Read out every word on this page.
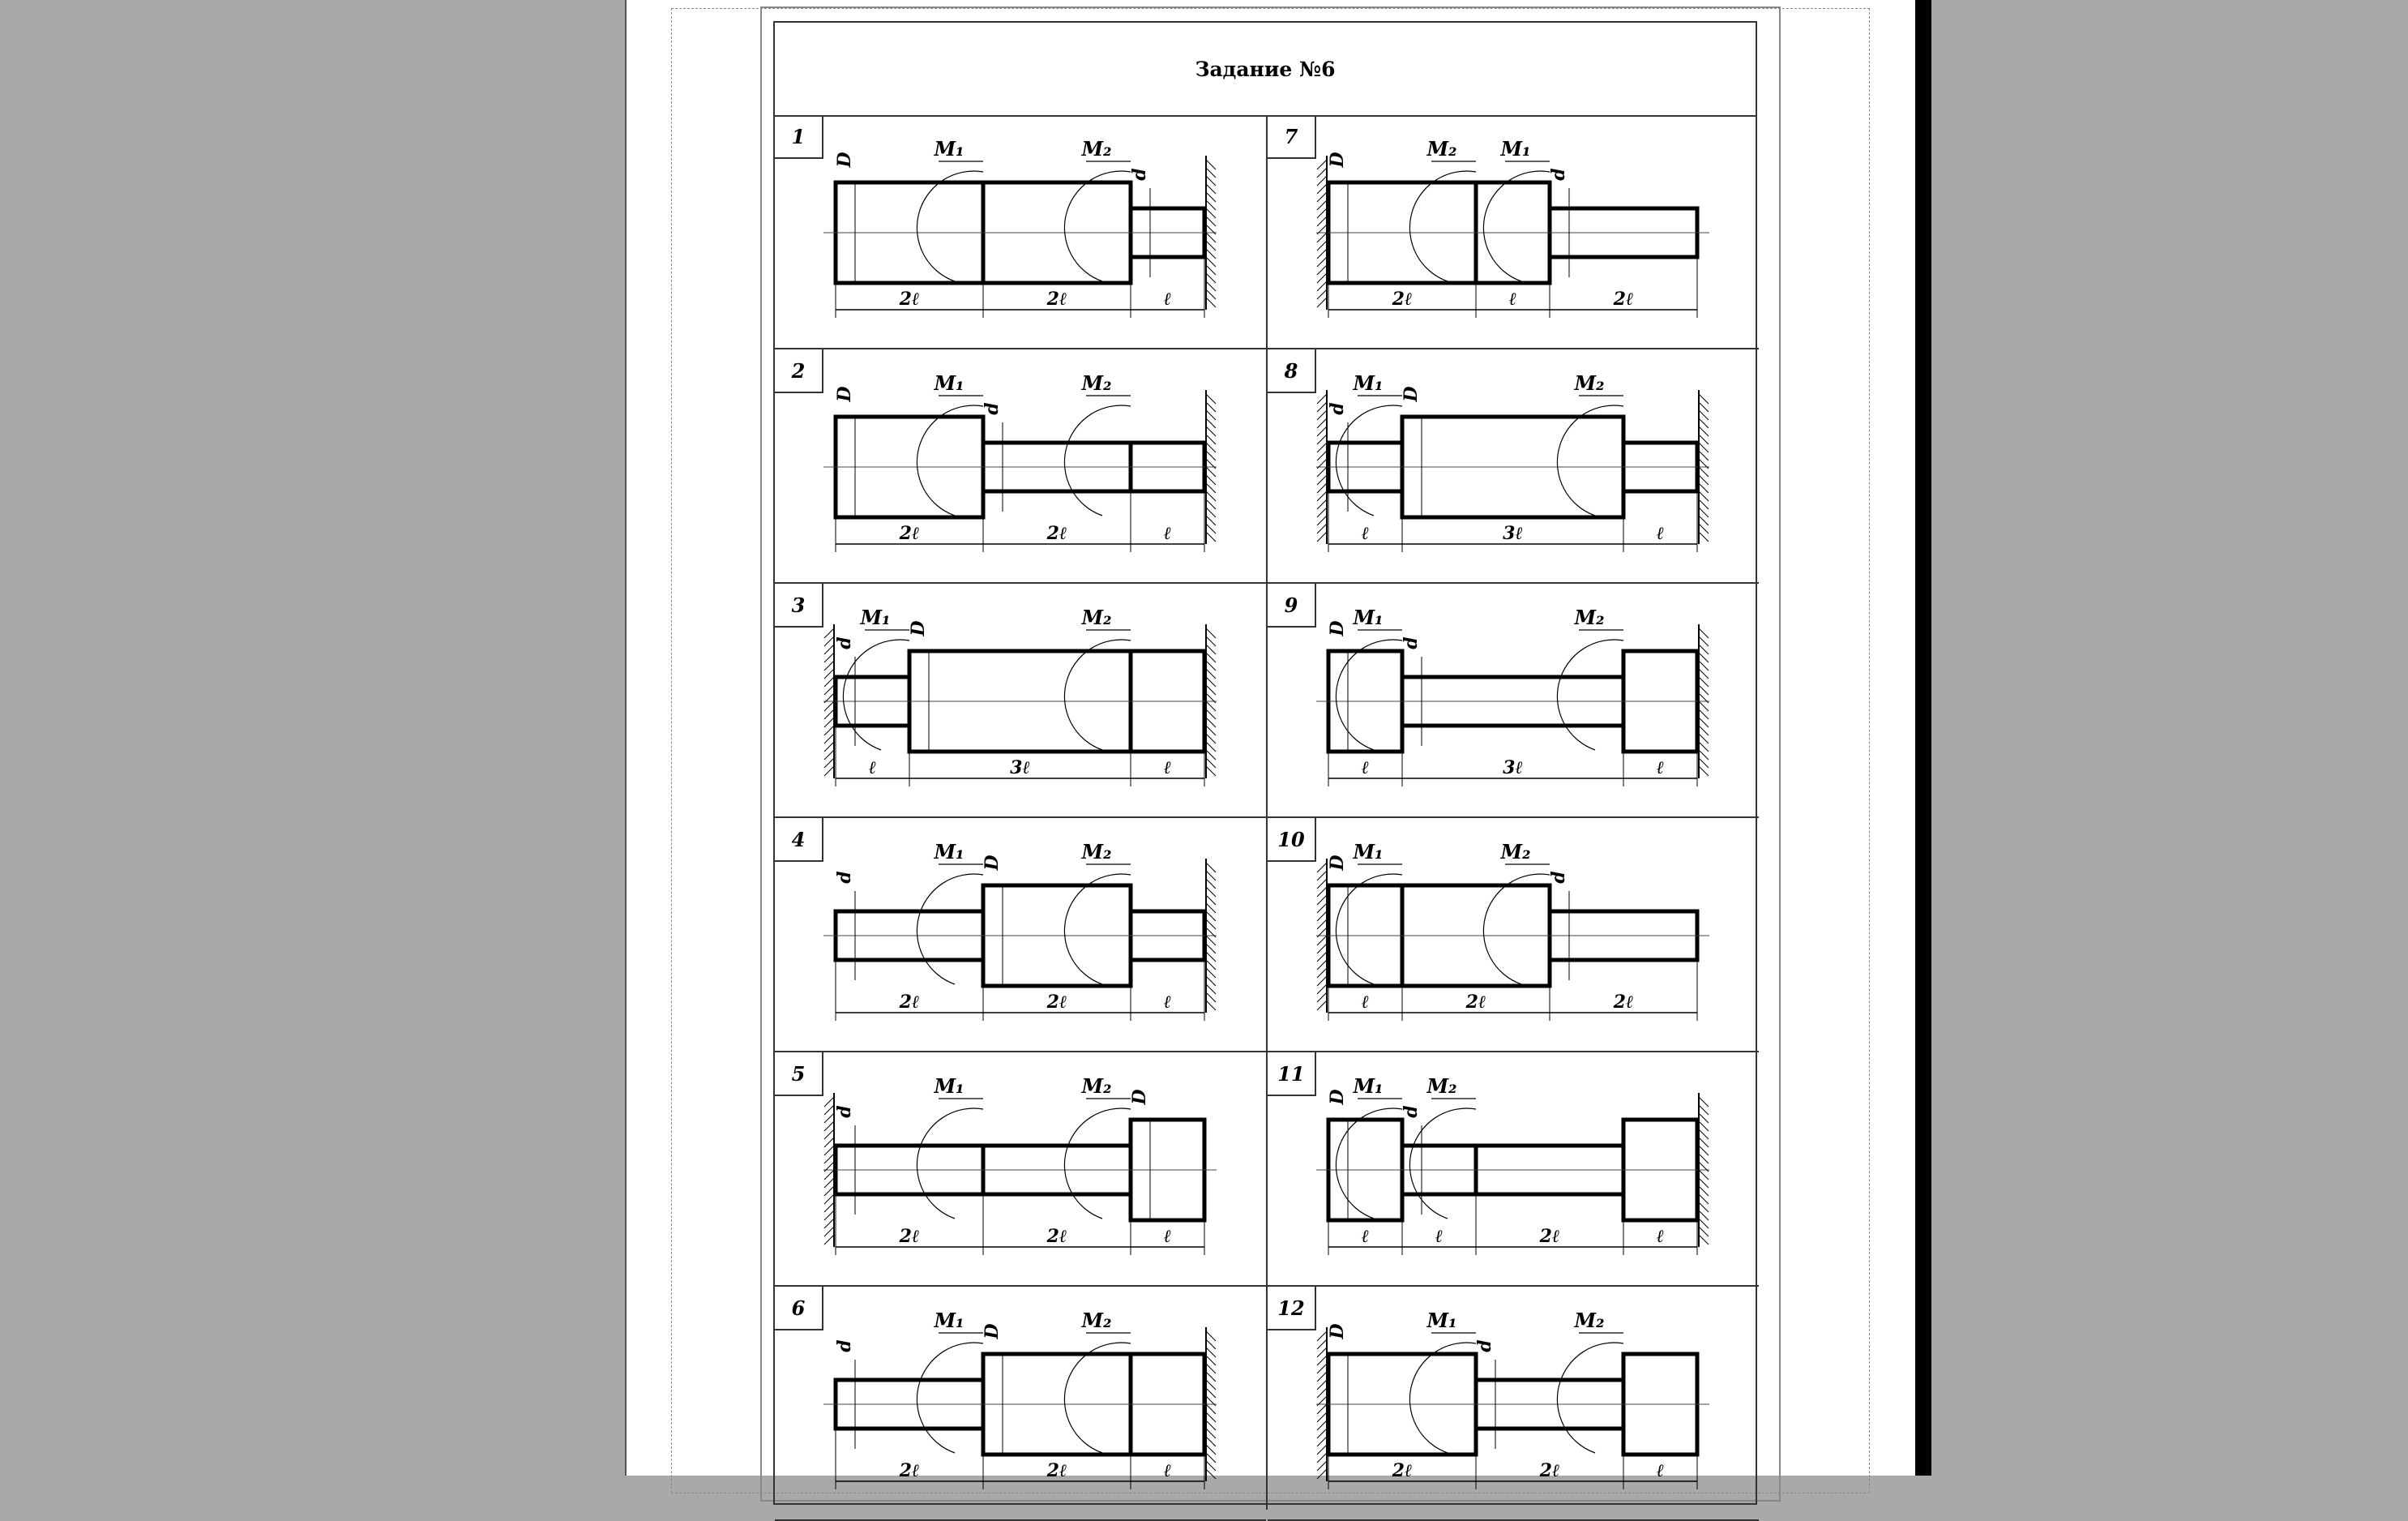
Задание №6
1
2ℓ	2ℓ	ℓ
M₁	M₂
D
d
2
2ℓ	2ℓ	ℓ
M₁	M₂
D
d
3
ℓ	3ℓ	ℓ
M₁	M₂
D
d
4
2ℓ	2ℓ	ℓ
M₁	M₂
D
d
5
2ℓ	2ℓ	ℓ
M₁	M₂ D
d
6
2ℓ	2ℓ	ℓ
M₁	M₂
D
d
7
2ℓ	ℓ	2ℓ
M₂ M₁
D
d
8
ℓ	3ℓ	ℓ
M₁	M₂
D
d
9
ℓ	3ℓ	ℓ
M₁	M₂
D
d
10
ℓ	2ℓ	2ℓ
M₁	M₂
D
d
11
ℓ	ℓ	2ℓ	ℓ
M₁ M₂
D
d
12
2ℓ	2ℓ	ℓ
M₁	M₂
D
d
